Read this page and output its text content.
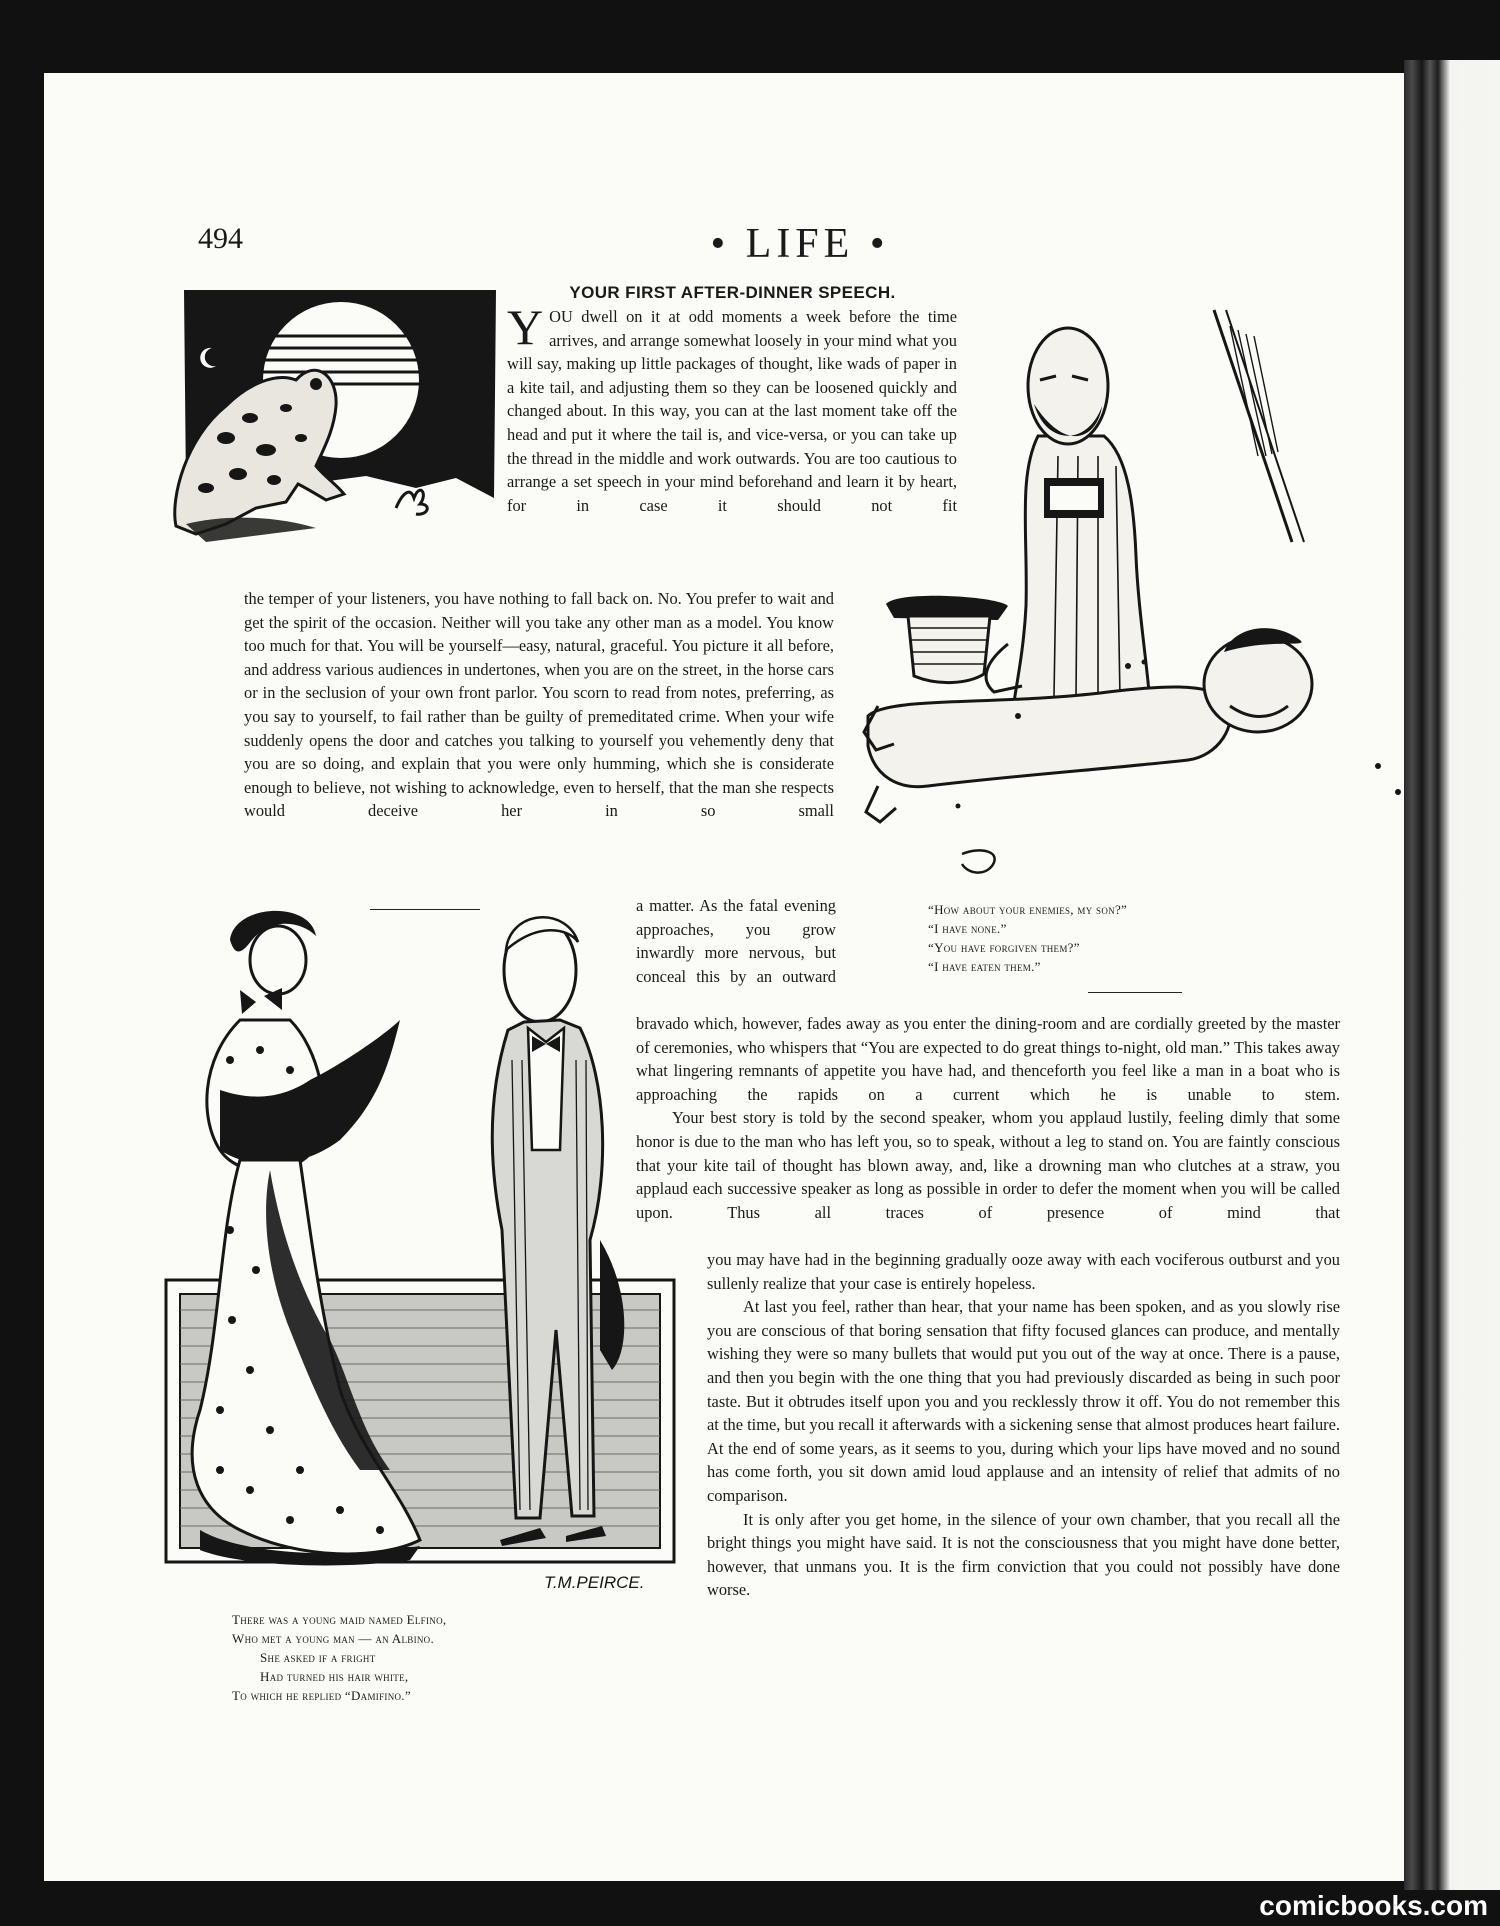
494	• LIFE •
YOUR FIRST AFTER-DINNER SPEECH.
YOU dwell on it at odd moments a week before the time arrives, and arrange somewhat loosely in your mind what you will say, making up little packages of thought, like wads of paper in a kite tail, and adjusting them so they can be loosened quickly and changed about. In this way, you can at the last moment take off the head and put it where the tail is, and vice-versa, or you can take up the thread in the middle and work outwards. You are too cautious to arrange a set speech in your mind beforehand and learn it by heart, for in case it should not fit

the temper of your listeners, you have nothing to fall back on. No. You prefer to wait and get the spirit of the occasion. Neither will you take any other man as a model. You know too much for that. You will be yourself—easy, natural, graceful. You picture it all before, and address various audiences in undertones, when you are on the street, in the horse cars or in the seclusion of your own front parlor. You scorn to read from notes, preferring, as you say to yourself, to fail rather than be guilty of premeditated crime. When your wife suddenly opens the door and catches you talking to yourself you vehemently deny that you are so doing, and explain that you were only humming, which she is considerate enough to believe, not wishing to acknowledge, even to herself, that the man she respects would deceive her in so small

T.M.PEIRCE.

a matter. As the fatal evening approaches, you grow inwardly more nervous, but conceal this by an outward

“How about your enemies, my son?”
“I have none.”
“You have forgiven them?”
“I have eaten them.”

bravado which, however, fades away as you enter the dining-room and are cordially greeted by the master of ceremonies, who whispers that “You are expected to do great things to-night, old man.” This takes away what lingering remnants of appetite you have had, and thenceforth you feel like a man in a boat who is approaching the rapids on a current which he is unable to stem.

Your best story is told by the second speaker, whom you applaud lustily, feeling dimly that some honor is due to the man who has left you, so to speak, without a leg to stand on. You are faintly conscious that your kite tail of thought has blown away, and, like a drowning man who clutches at a straw, you applaud each successive speaker as long as possible in order to defer the moment when you will be called upon. Thus all traces of presence of mind that

you may have had in the beginning gradually ooze away with each vociferous outburst and you sullenly realize that your case is entirely hopeless.

At last you feel, rather than hear, that your name has been spoken, and as you slowly rise you are conscious of that boring sensation that fifty focused glances can produce, and mentally wishing they were so many bullets that would put you out of the way at once. There is a pause, and then you begin with the one thing that you had previously discarded as being in such poor taste. But it obtrudes itself upon you and you recklessly throw it off. You do not remember this at the time, but you recall it afterwards with a sickening sense that almost produces heart failure. At the end of some years, as it seems to you, during which your lips have moved and no sound has come forth, you sit down amid loud applause and an intensity of relief that admits of no comparison.

It is only after you get home, in the silence of your own chamber, that you recall all the bright things you might have said. It is not the consciousness that you might have done better, however, that unmans you. It is the firm conviction that you could not possibly have done worse.

There was a young maid named Elfino,
Who met a young man — an Albino.
She asked if a fright
Had turned his hair white,
To which he replied “Damifino.”
comicbooks.com
